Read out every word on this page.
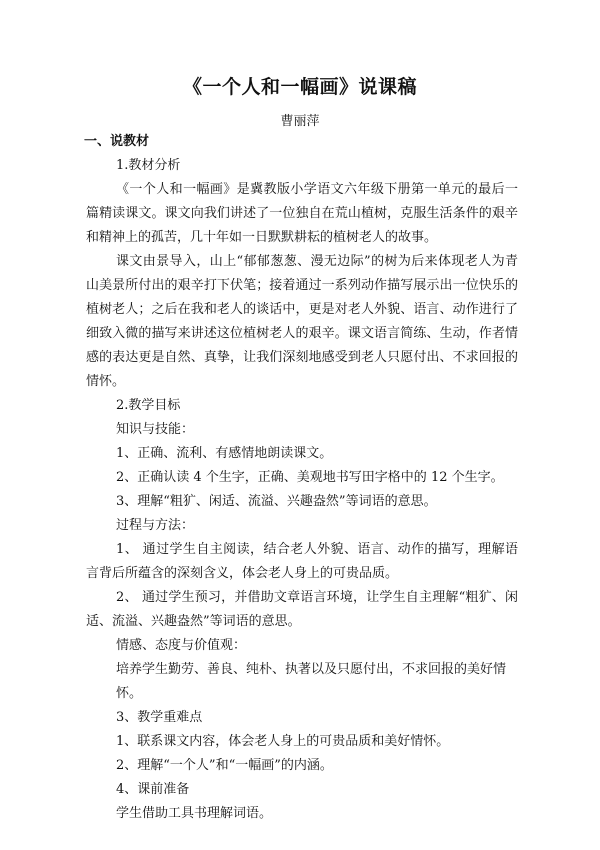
《一个人和一幅画》说课稿
曹丽萍

一、说教材

1.教材分析

《一个人和一幅画》是冀教版小学语文六年级下册第一单元的最后一篇精读课文。课文向我们讲述了一位独自在荒山植树，克服生活条件的艰辛和精神上的孤苦，几十年如一日默默耕耘的植树老人的故事。

课文由景导入，山上“郁郁葱葱、漫无边际”的树为后来体现老人为青山美景所付出的艰辛打下伏笔；接着通过一系列动作描写展示出一位快乐的植树老人；之后在我和老人的谈话中，更是对老人外貌、语言、动作进行了细致入微的描写来讲述这位植树老人的艰辛。课文语言简练、生动，作者情感的表达更是自然、真挚，让我们深刻地感受到老人只愿付出、不求回报的情怀。

2.教学目标

知识与技能：

1、正确、流利、有感情地朗读课文。

2、正确认读 4 个生字，正确、美观地书写田字格中的 12 个生字。

3、理解“粗犷、闲适、流溢、兴趣盎然”等词语的意思。

过程与方法：

1、 通过学生自主阅读，结合老人外貌、语言、动作的描写，理解语言背后所蕴含的深刻含义，体会老人身上的可贵品质。

2、 通过学生预习，并借助文章语言环境，让学生自主理解“粗犷、闲适、流溢、兴趣盎然”等词语的意思。

情感、态度与价值观：

培养学生勤劳、善良、纯朴、执著以及只愿付出，不求回报的美好情怀。

3、教学重难点

1、联系课文内容，体会老人身上的可贵品质和美好情怀。

2、理解“一个人”和“一幅画”的内涵。

4、课前准备

学生借助工具书理解词语。
